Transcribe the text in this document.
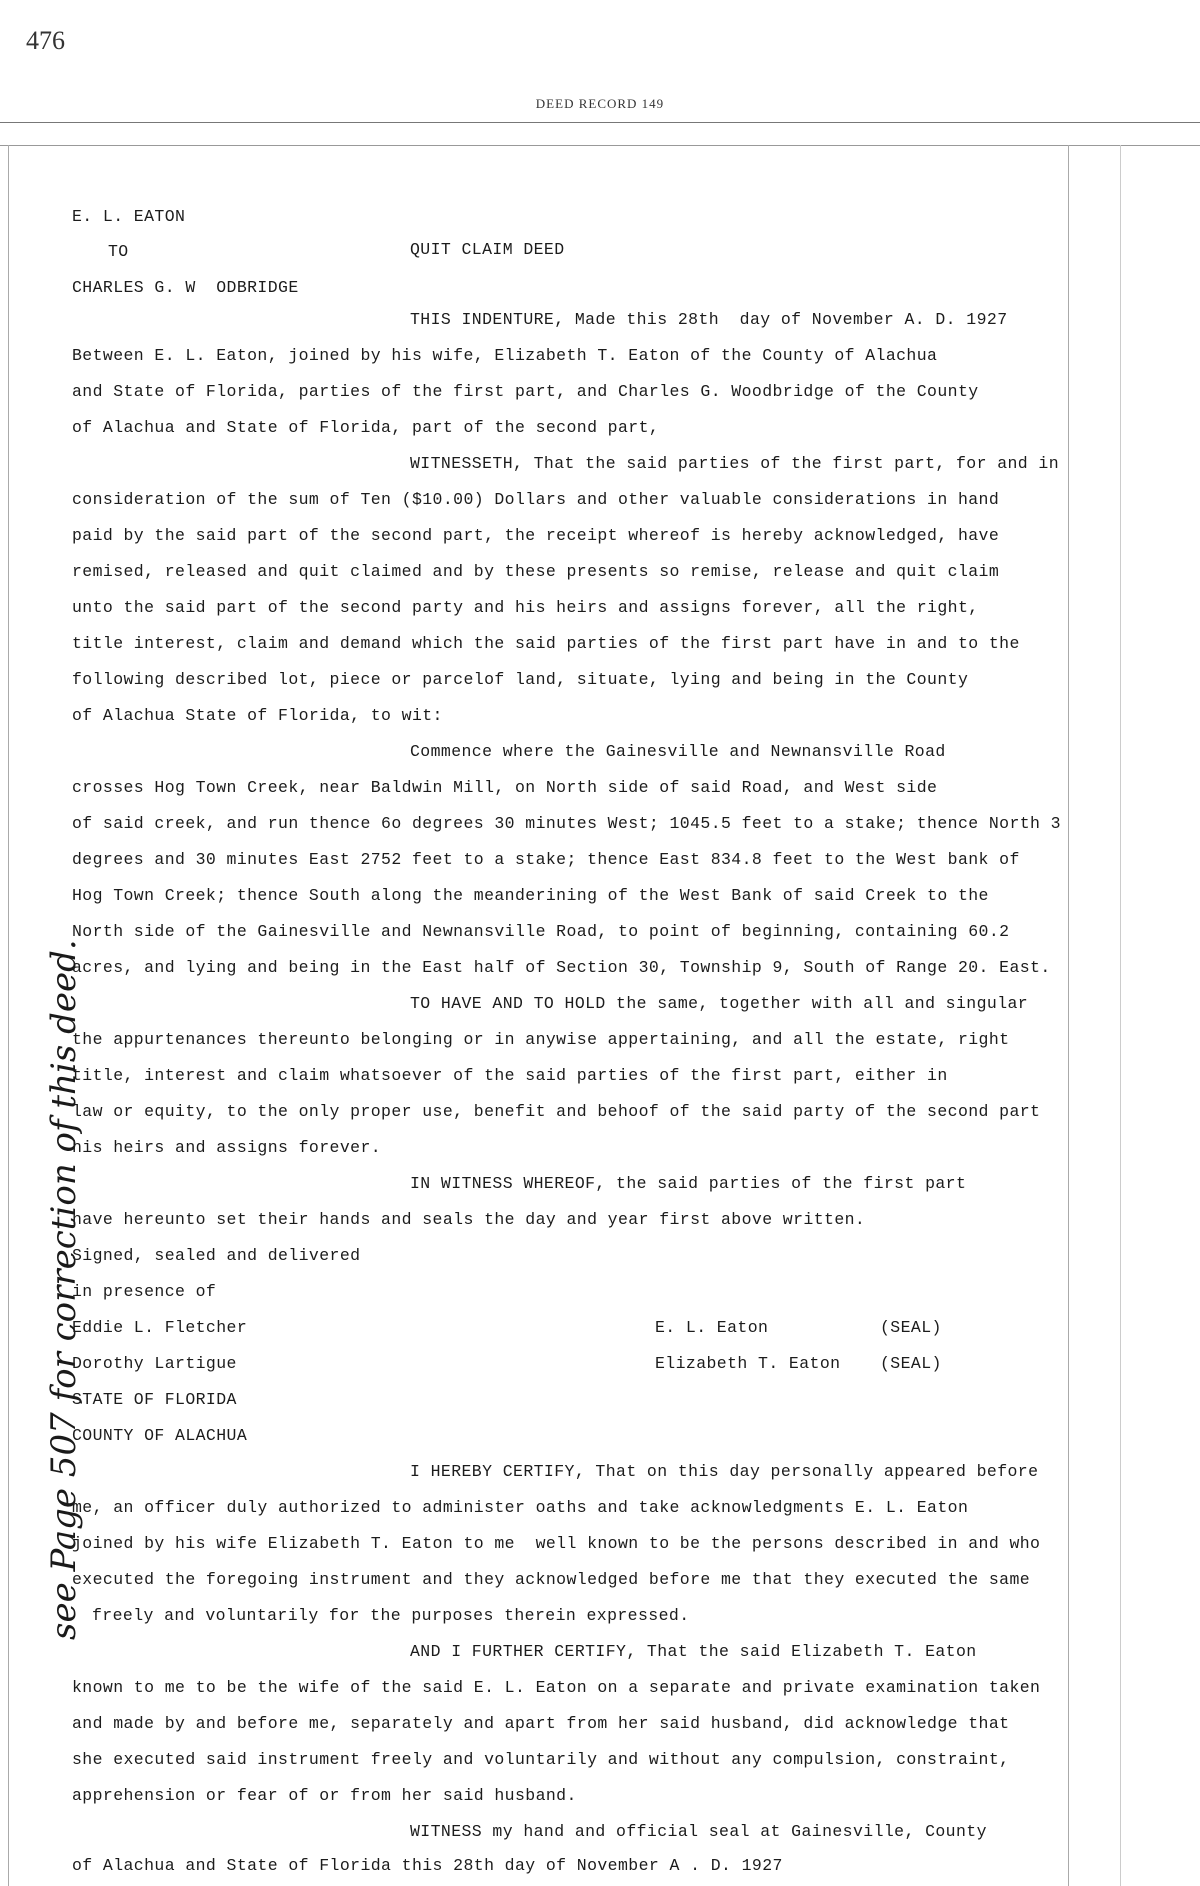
476
DEED RECORD 149
E. L. EATON
TO	QUIT CLAIM DEED
CHARLES G. W  ODBRIDGE
THIS INDENTURE, Made this 28th  day of November A. D. 1927
Between E. L. Eaton, joined by his wife, Elizabeth T. Eaton of the County of Alachua
and State of Florida, parties of the first part, and Charles G. Woodbridge of the County
of Alachua and State of Florida, part of the second part,
WITNESSETH, That the said parties of the first part, for and in
consideration of the sum of Ten ($10.00) Dollars and other valuable considerations in hand
paid by the said part of the second part, the receipt whereof is hereby acknowledged, have
remised, released and quit claimed and by these presents so remise, release and quit claim
unto the said part of the second party and his heirs and assigns forever, all the right,
title interest, claim and demand which the said parties of the first part have in and to the
following described lot, piece or parcelof land, situate, lying and being in the County
of Alachua State of Florida, to wit:
Commence where the Gainesville and Newnansville Road
crosses Hog Town Creek, near Baldwin Mill, on North side of said Road, and West side
of said creek, and run thence 6o degrees 30 minutes West; 1045.5 feet to a stake; thence North 3
degrees and 30 minutes East 2752 feet to a stake; thence East 834.8 feet to the West bank of
Hog Town Creek; thence South along the meanderining of the West Bank of said Creek to the
North side of the Gainesville and Newnansville Road, to point of beginning, containing 60.2
acres, and lying and being in the East half of Section 30, Township 9, South of Range 20. East.
TO HAVE AND TO HOLD the same, together with all and singular
the appurtenances thereunto belonging or in anywise appertaining, and all the estate, right
title, interest and claim whatsoever of the said parties of the first part, either in
law or equity, to the only proper use, benefit and behoof of the said party of the second part
his heirs and assigns forever.
IN WITNESS WHEREOF, the said parties of the first part
have hereunto set their hands and seals the day and year first above written.
Signed, sealed and delivered
in presence of
Eddie L. Fletcher	E. L. Eaton	(SEAL)
Dorothy Lartigue	Elizabeth T. Eaton (SEAL)
STATE OF FLORIDA
COUNTY OF ALACHUA
I HEREBY CERTIFY, That on this day personally appeared before
me, an officer duly authorized to administer oaths and take acknowledgments E. L. Eaton
joined by his wife Elizabeth T. Eaton to me  well known to be the persons described in and who
executed the foregoing instrument and they acknowledged before me that they executed the same
freely and voluntarily for the purposes therein expressed.
AND I FURTHER CERTIFY, That the said Elizabeth T. Eaton
known to me to be the wife of the said E. L. Eaton on a separate and private examination taken
and made by and before me, separately and apart from her said husband, did acknowledge that
she executed said instrument freely and voluntarily and without any compulsion, constraint,
apprehension or fear of or from her said husband.
WITNESS my hand and official seal at Gainesville, County
of Alachua and State of Florida this 28th day of November A . D. 1927
see Page 507 for correction of this deed.
